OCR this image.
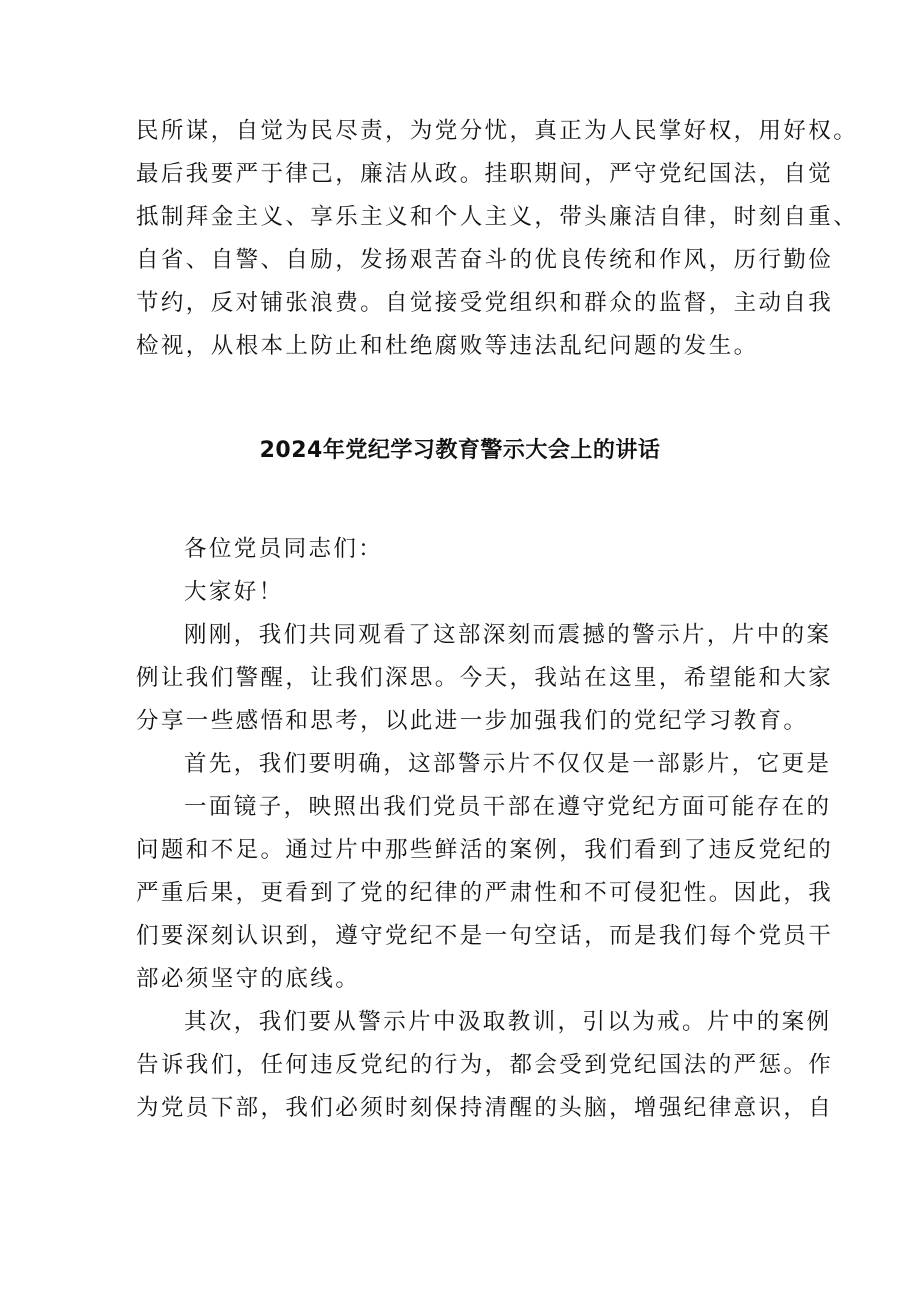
民所谋，自觉为民尽责，为党分忧，真正为人民掌好权，用好权。
最后我要严于律己，廉洁从政。挂职期间，严守党纪国法，自觉
抵制拜金主义、享乐主义和个人主义，带头廉洁自律，时刻自重、
自省、自警、自励，发扬艰苦奋斗的优良传统和作风，历行勤俭
节约，反对铺张浪费。自觉接受党组织和群众的监督，主动自我
检视，从根本上防止和杜绝腐败等违法乱纪问题的发生。
2024年党纪学习教育警示大会上的讲话
各位党员同志们：
大家好！
刚刚，我们共同观看了这部深刻而震撼的警示片，片中的案
例让我们警醒，让我们深思。今天，我站在这里，希望能和大家
分享一些感悟和思考，以此进一步加强我们的党纪学习教育。
首先，我们要明确，这部警示片不仅仅是一部影片，它更是
一面镜子，映照出我们党员干部在遵守党纪方面可能存在的
问题和不足。通过片中那些鲜活的案例，我们看到了违反党纪的
严重后果，更看到了党的纪律的严肃性和不可侵犯性。因此，我
们要深刻认识到，遵守党纪不是一句空话，而是我们每个党员干
部必须坚守的底线。
其次，我们要从警示片中汲取教训，引以为戒。片中的案例
告诉我们，任何违反党纪的行为，都会受到党纪国法的严惩。作
为党员下部，我们必须时刻保持清醒的头脑，增强纪律意识，自
